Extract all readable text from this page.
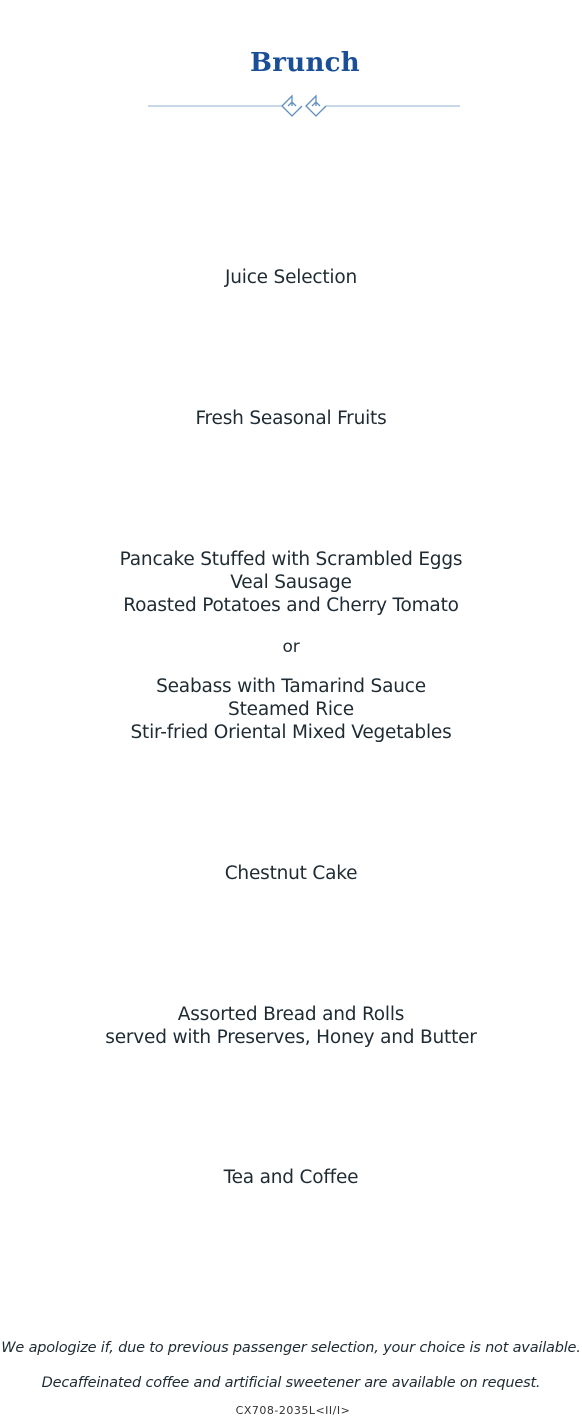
Brunch
Juice Selection
Fresh Seasonal Fruits
Pancake Stuffed with Scrambled Eggs
Veal Sausage
Roasted Potatoes and Cherry Tomato
or
Seabass with Tamarind Sauce
Steamed Rice
Stir-fried Oriental Mixed Vegetables
Chestnut Cake
Assorted Bread and Rolls
served with Preserves, Honey and Butter
Tea and Coffee
We apologize if, due to previous passenger selection, your choice is not available.
Decaffeinated coffee and artificial sweetener are available on request.
CX708-2035L<II/I>
